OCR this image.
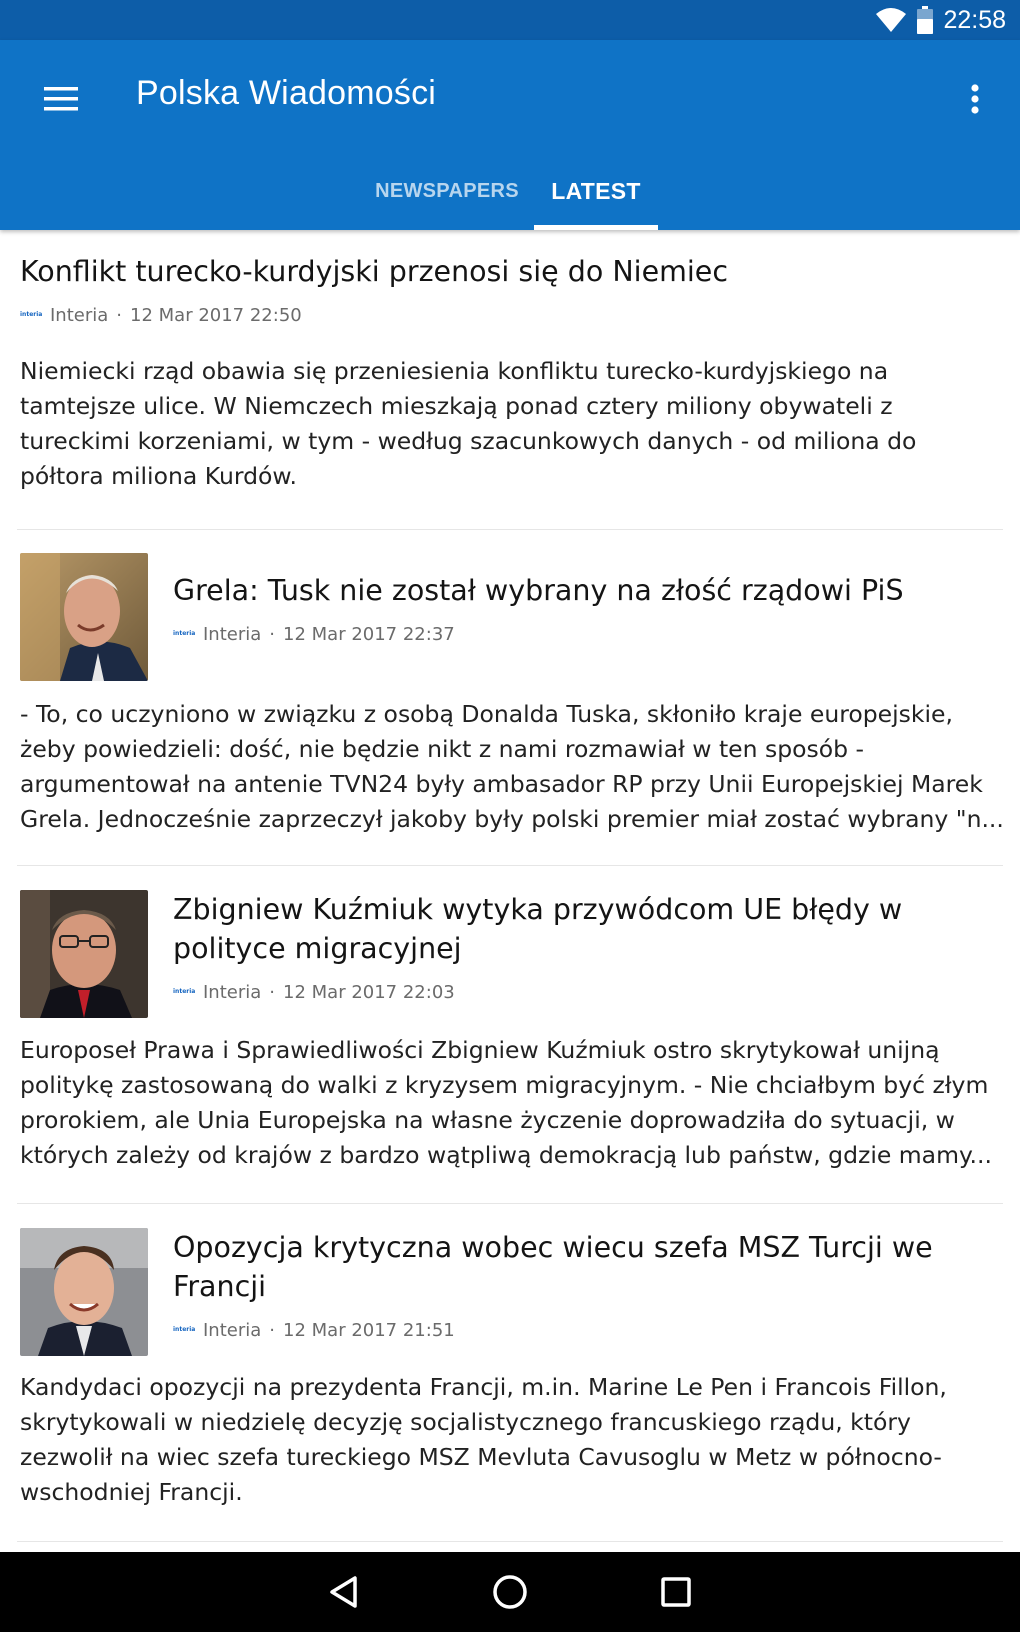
22:58
Polska Wiadomości
NEWSPAPERS LATEST
Konflikt turecko-kurdyjski przenosi się do Niemiec
interia Interia · 12 Mar 2017 22:50
Niemiecki rząd obawia się przeniesienia konfliktu turecko-kurdyjskiego na tamtejsze ulice. W Niemczech mieszkają ponad cztery miliony obywateli z tureckimi korzeniami, w tym - według szacunkowych danych - od miliona do półtora miliona Kurdów.
Grela: Tusk nie został wybrany na złość rządowi PiS
interia Interia · 12 Mar 2017 22:37
- To, co uczyniono w związku z osobą Donalda Tuska, skłoniło kraje europejskie, żeby powiedzieli: dość, nie będzie nikt z nami rozmawiał w ten sposób - argumentował na antenie TVN24 były ambasador RP przy Unii Europejskiej Marek Grela. Jednocześnie zaprzeczył jakoby były polski premier miał zostać wybrany "n...
Zbigniew Kuźmiuk wytyka przywódcom UE błędy w polityce migracyjnej
interia Interia · 12 Mar 2017 22:03
Europoseł Prawa i Sprawiedliwości Zbigniew Kuźmiuk ostro skrytykował unijną politykę zastosowaną do walki z kryzysem migracyjnym. - Nie chciałbym być złym prorokiem, ale Unia Europejska na własne życzenie doprowadziła do sytuacji, w których zależy od krajów z bardzo wątpliwą demokracją lub państw, gdzie mamy...
Opozycja krytyczna wobec wiecu szefa MSZ Turcji we Francji
interia Interia · 12 Mar 2017 21:51
Kandydaci opozycji na prezydenta Francji, m.in. Marine Le Pen i Francois Fillon, skrytykowali w niedzielę decyzję socjalistycznego francuskiego rządu, który zezwolił na wiec szefa tureckiego MSZ Mevluta Cavusoglu w Metz w północno-wschodniej Francji.
